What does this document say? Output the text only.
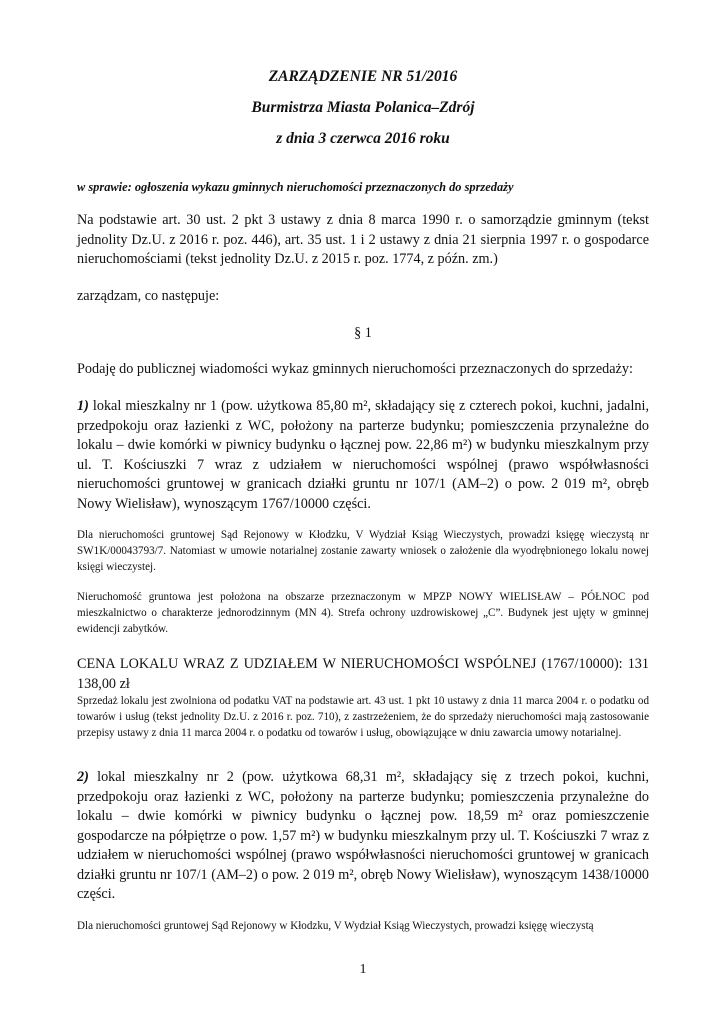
ZARZĄDZENIE NR 51/2016
Burmistrza Miasta Polanica–Zdrój
z dnia 3 czerwca 2016 roku
w sprawie: ogłoszenia wykazu gminnych nieruchomości przeznaczonych do sprzedaży
Na podstawie art. 30 ust. 2 pkt 3 ustawy z dnia 8 marca 1990 r. o samorządzie gminnym (tekst jednolity Dz.U. z 2016 r. poz. 446), art. 35 ust. 1 i 2 ustawy z dnia 21 sierpnia 1997 r. o gospodarce nieruchomościami (tekst jednolity Dz.U. z 2015 r. poz. 1774, z późn. zm.)
zarządzam, co następuje:
§ 1
Podaję do publicznej wiadomości wykaz gminnych nieruchomości przeznaczonych do sprzedaży:
1) lokal mieszkalny nr 1 (pow. użytkowa 85,80 m², składający się z czterech pokoi, kuchni, jadalni, przedpokoju oraz łazienki z WC, położony na parterze budynku; pomieszczenia przynależne do lokalu – dwie komórki w piwnicy budynku o łącznej pow. 22,86 m²) w budynku mieszkalnym przy ul. T. Kościuszki 7 wraz z udziałem w nieruchomości wspólnej (prawo współwłasności nieruchomości gruntowej w granicach działki gruntu nr 107/1 (AM–2) o pow. 2 019 m², obręb Nowy Wielisław), wynoszącym 1767/10000 części.
Dla nieruchomości gruntowej Sąd Rejonowy w Kłodzku, V Wydział Ksiąg Wieczystych, prowadzi księgę wieczystą nr SW1K/00043793/7. Natomiast w umowie notarialnej zostanie zawarty wniosek o założenie dla wyodrębnionego lokalu nowej księgi wieczystej.
Nieruchomość gruntowa jest położona na obszarze przeznaczonym w MPZP NOWY WIELISŁAW – PÓŁNOC pod mieszkalnictwo o charakterze jednorodzinnym (MN 4). Strefa ochrony uzdrowiskowej „C”. Budynek jest ujęty w gminnej ewidencji zabytków.
CENA LOKALU WRAZ Z UDZIAŁEM W NIERUCHOMOŚCI WSPÓLNEJ (1767/10000): 131 138,00 zł
Sprzedaż lokalu jest zwolniona od podatku VAT na podstawie art. 43 ust. 1 pkt 10 ustawy z dnia 11 marca 2004 r. o podatku od towarów i usług (tekst jednolity Dz.U. z 2016 r. poz. 710), z zastrzeżeniem, że do sprzedaży nieruchomości mają zastosowanie przepisy ustawy z dnia 11 marca 2004 r. o podatku od towarów i usług, obowiązujące w dniu zawarcia umowy notarialnej.
2) lokal mieszkalny nr 2 (pow. użytkowa 68,31 m², składający się z trzech pokoi, kuchni, przedpokoju oraz łazienki z WC, położony na parterze budynku; pomieszczenia przynależne do lokalu – dwie komórki w piwnicy budynku o łącznej pow. 18,59 m² oraz pomieszczenie gospodarcze na półpiętrze o pow. 1,57 m²) w budynku mieszkalnym przy ul. T. Kościuszki 7 wraz z udziałem w nieruchomości wspólnej (prawo współwłasności nieruchomości gruntowej w granicach działki gruntu nr 107/1 (AM–2) o pow. 2 019 m², obręb Nowy Wielisław), wynoszącym 1438/10000 części.
Dla nieruchomości gruntowej Sąd Rejonowy w Kłodzku, V Wydział Ksiąg Wieczystych, prowadzi księgę wieczystą
1
